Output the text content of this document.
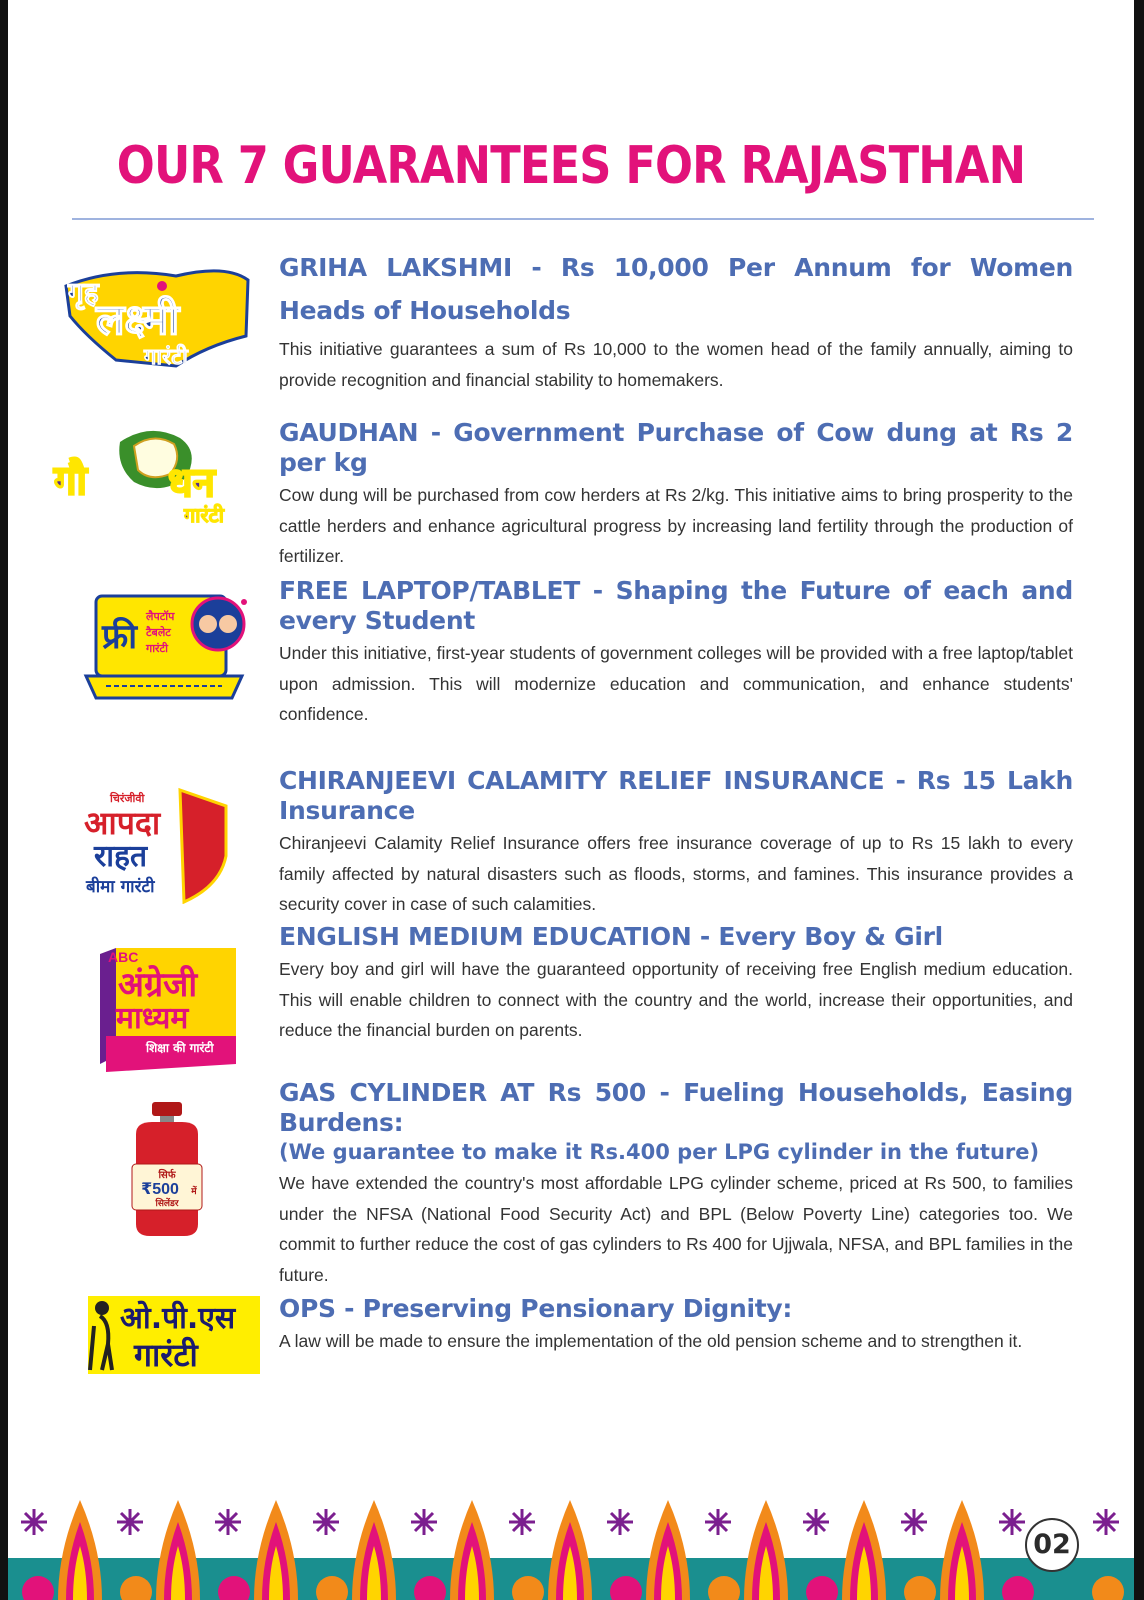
OUR 7 GUARANTEES FOR RAJASTHAN
गृह
लक्ष्मी
गारंटी

GRIHA LAKSHMI - Rs 10,000 Per Annum for Women Heads of Households

This initiative guarantees a sum of Rs 10,000 to the women head of the family annually, aiming to provide recognition and financial stability to homemakers.

गौ धन
गारंटी

GAUDHAN - Government Purchase of Cow dung at Rs 2 per kg

Cow dung will be purchased from cow herders at Rs 2/kg. This initiative aims to bring prosperity to the cattle herders and enhance agricultural progress by increasing land fertility through the production of fertilizer.

फ्री
लैपटॉप
टैबलेट
गारंटी

FREE LAPTOP/TABLET - Shaping the Future of each and every Student

Under this initiative, first-year students of government colleges will be provided with a free laptop/tablet upon admission. This will modernize education and communication, and enhance students' confidence.

चिरंजीवी
आपदा
राहत
बीमा गारंटी

CHIRANJEEVI CALAMITY RELIEF INSURANCE - Rs 15 Lakh Insurance

Chiranjeevi Calamity Relief Insurance offers free insurance coverage of up to Rs 15 lakh to every family affected by natural disasters such as floods, storms, and famines. This insurance provides a security cover in case of such calamities.

ABC
अंग्रेजी
माध्यम
शिक्षा की गारंटी

ENGLISH MEDIUM EDUCATION - Every Boy & Girl

Every boy and girl will have the guaranteed opportunity of receiving free English medium education. This will enable children to connect with the country and the world, increase their opportunities, and reduce the financial burden on parents.

सिर्फ
₹500 में
सिलेंडर

GAS CYLINDER AT Rs 500 - Fueling Households, Easing Burdens:

(We guarantee to make it Rs.400 per LPG cylinder in the future)

We have extended the country's most affordable LPG cylinder scheme, priced at Rs 500, to families under the NFSA (National Food Security Act) and BPL (Below Poverty Line) categories too. We commit to further reduce the cost of gas cylinders to Rs 400 for Ujjwala, NFSA, and BPL families in the future.

ओ.पी.एस
गारंटी

OPS - Preserving Pensionary Dignity:

A law will be made to ensure the implementation of the old pension scheme and to strengthen it.

02
